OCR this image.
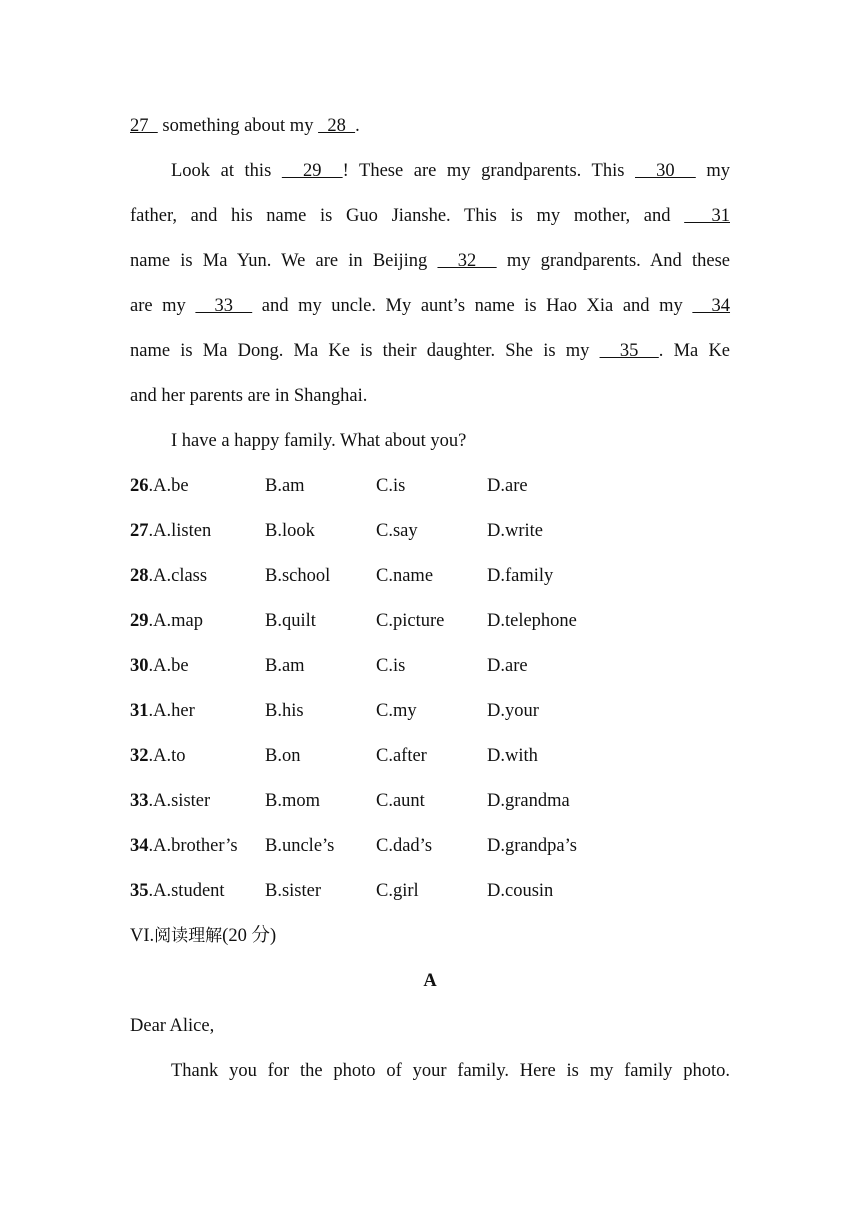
27   something about my   28  .
Look at this   29  ! These are my grandparents. This   30   my
father, and his name is Guo Jianshe. This is my mother, and   31
name is Ma Yun. We are in Beijing   32   my grandparents. And these
are my   33   and my uncle. My aunt’s name is Hao Xia and my   34
name is Ma Dong. Ma Ke is their daughter. She is my   35  . Ma Ke
and her parents are in Shanghai.
I have a happy family. What about you?
26.A.be	B.am	C.is	D.are
27.A.listen	B.look	C.say	D.write
28.A.class	B.school C.name	D.family
29.A.map	B.quilt	C.picture D.telephone
30.A.be	B.am	C.is	D.are
31.A.her	B.his	C.my	D.your
32.A.to	B.on	C.after	D.with
33.A.sister	B.mom	C.aunt	D.grandma
34.A.brother’s B.uncle’s C.dad’s	D.grandpa’s
35.A.student B.sister	C.girl	D.cousin
VI.阅读理解(20 分)
A
Dear Alice,
Thank you for the photo of your family. Here is my family photo.
